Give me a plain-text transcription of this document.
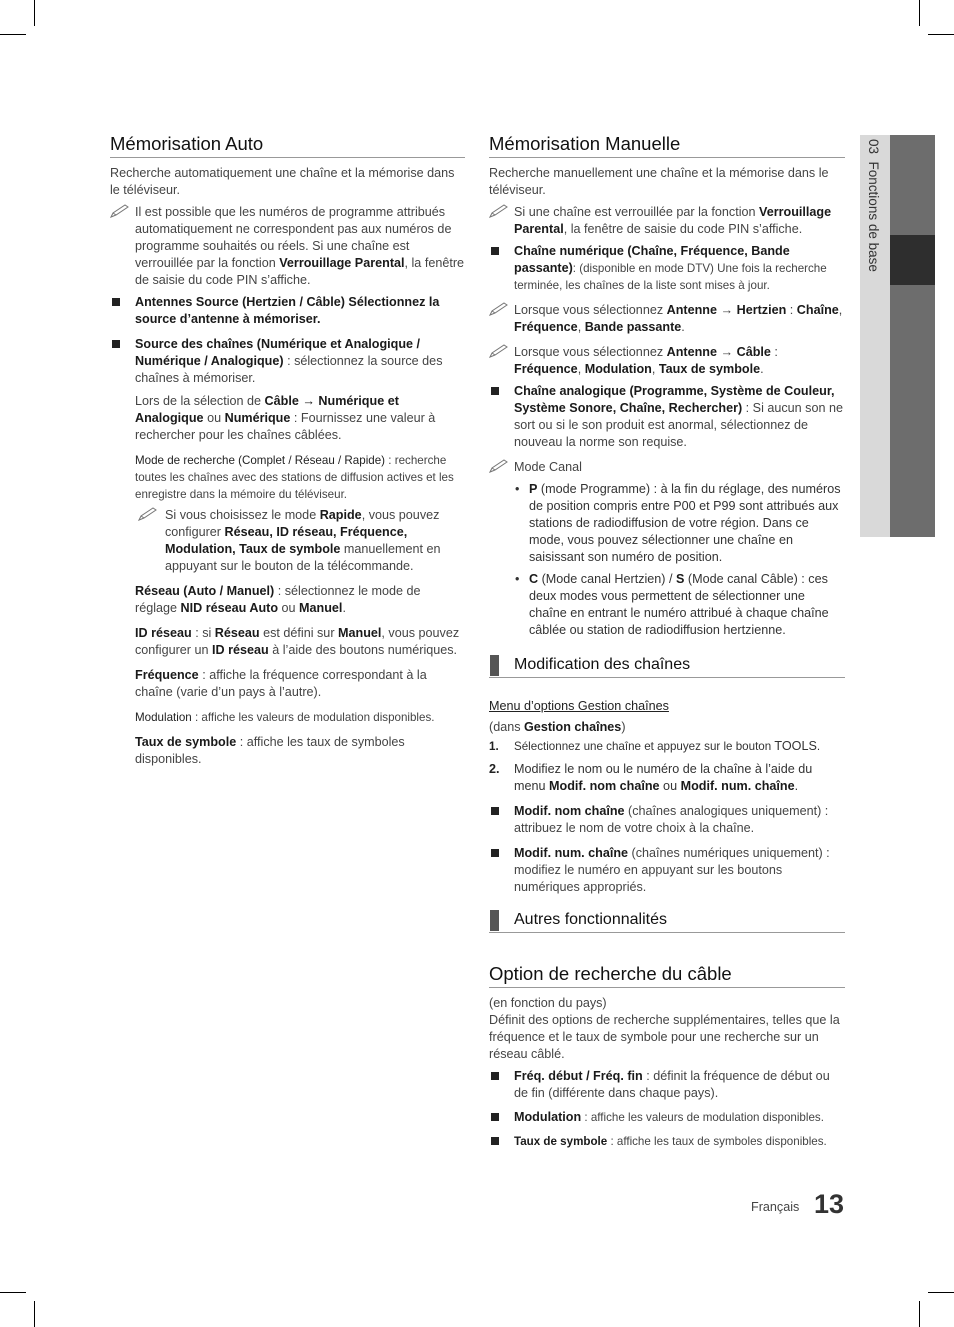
03  Fonctions de base
Mémorisation Auto

Recherche automatiquement une chaîne et la mémorise dans le téléviseur.

Il est possible que les numéros de programme attribués automatiquement ne correspondent pas aux numéros de programme souhaités ou réels. Si une chaîne est verrouillée par la fonction Verrouillage Parental, la fenêtre de saisie du code PIN s’affiche.
Antennes Source (Hertzien / Câble) Sélectionnez la source d’antenne à mémoriser.
Source des chaînes (Numérique et Analogique / Numérique / Analogique) : sélectionnez la source des chaînes à mémoriser.
Lors de la sélection de Câble → Numérique et Analogique ou Numérique : Fournissez une valeur à rechercher pour les chaînes câblées.
Mode de recherche (Complet / Réseau / Rapide) : recherche toutes les chaînes avec des stations de diffusion actives et les enregistre dans la mémoire du téléviseur.
Si vous choisissez le mode Rapide, vous pouvez configurer Réseau, ID réseau, Fréquence, Modulation, Taux de symbole manuellement en appuyant sur le bouton de la télécommande.
Réseau (Auto / Manuel) : sélectionnez le mode de réglage NID réseau Auto ou Manuel.
ID réseau : si Réseau est défini sur Manuel, vous pouvez configurer un ID réseau à l’aide des boutons numériques.
Fréquence : affiche la fréquence correspondant à la chaîne (varie d’un pays à l’autre).
Modulation : affiche les valeurs de modulation disponibles.
Taux de symbole : affiche les taux de symboles disponibles.
Mémorisation Manuelle

Recherche manuellement une chaîne et la mémorise dans le téléviseur.

Si une chaîne est verrouillée par la fonction Verrouillage Parental, la fenêtre de saisie du code PIN s’affiche.
Chaîne numérique (Chaîne, Fréquence, Bande passante): (disponible en mode DTV) Une fois la recherche terminée, les chaînes de la liste sont mises à jour.
Lorsque vous sélectionnez Antenne → Hertzien : Chaîne, Fréquence, Bande passante.
Lorsque vous sélectionnez Antenne → Câble : Fréquence, Modulation, Taux de symbole.
Chaîne analogique (Programme, Système de Couleur, Système Sonore, Chaîne, Rechercher) : Si aucun son ne sort ou si le son produit est anormal, sélectionnez de nouveau la norme son requise.
Mode Canal
• P (mode Programme) : à la fin du réglage, des numéros de position compris entre P00 et P99 sont attribués aux stations de radiodiffusion de votre région. Dans ce mode, vous pouvez sélectionner une chaîne en saisissant son numéro de position.
• C (Mode canal Hertzien) / S (Mode canal Câble) : ces deux modes vous permettent de sélectionner une chaîne en entrant le numéro attribué à chaque chaîne câblée ou station de radiodiffusion hertzienne.
Modification des chaînes

Menu d’options Gestion chaînes

(dans Gestion chaînes)

1. Sélectionnez une chaîne et appuyez sur le bouton TOOLS.
2. Modifiez le nom ou le numéro de la chaîne à l’aide du menu Modif. nom chaîne ou Modif. num. chaîne.
Modif. nom chaîne (chaînes analogiques uniquement) : attribuez le nom de votre choix à la chaîne.
Modif. num. chaîne (chaînes numériques uniquement) : modifiez le numéro en appuyant sur les boutons numériques appropriés.
Autres fonctionnalités
Option de recherche du câble

(en fonction du pays)

Définit des options de recherche supplémentaires, telles que la fréquence et le taux de symbole pour une recherche sur un réseau câblé.

Fréq. début / Fréq. fin : définit la fréquence de début ou de fin (différente dans chaque pays).
Modulation : affiche les valeurs de modulation disponibles.
Taux de symbole : affiche les taux de symboles disponibles.
Français 13
